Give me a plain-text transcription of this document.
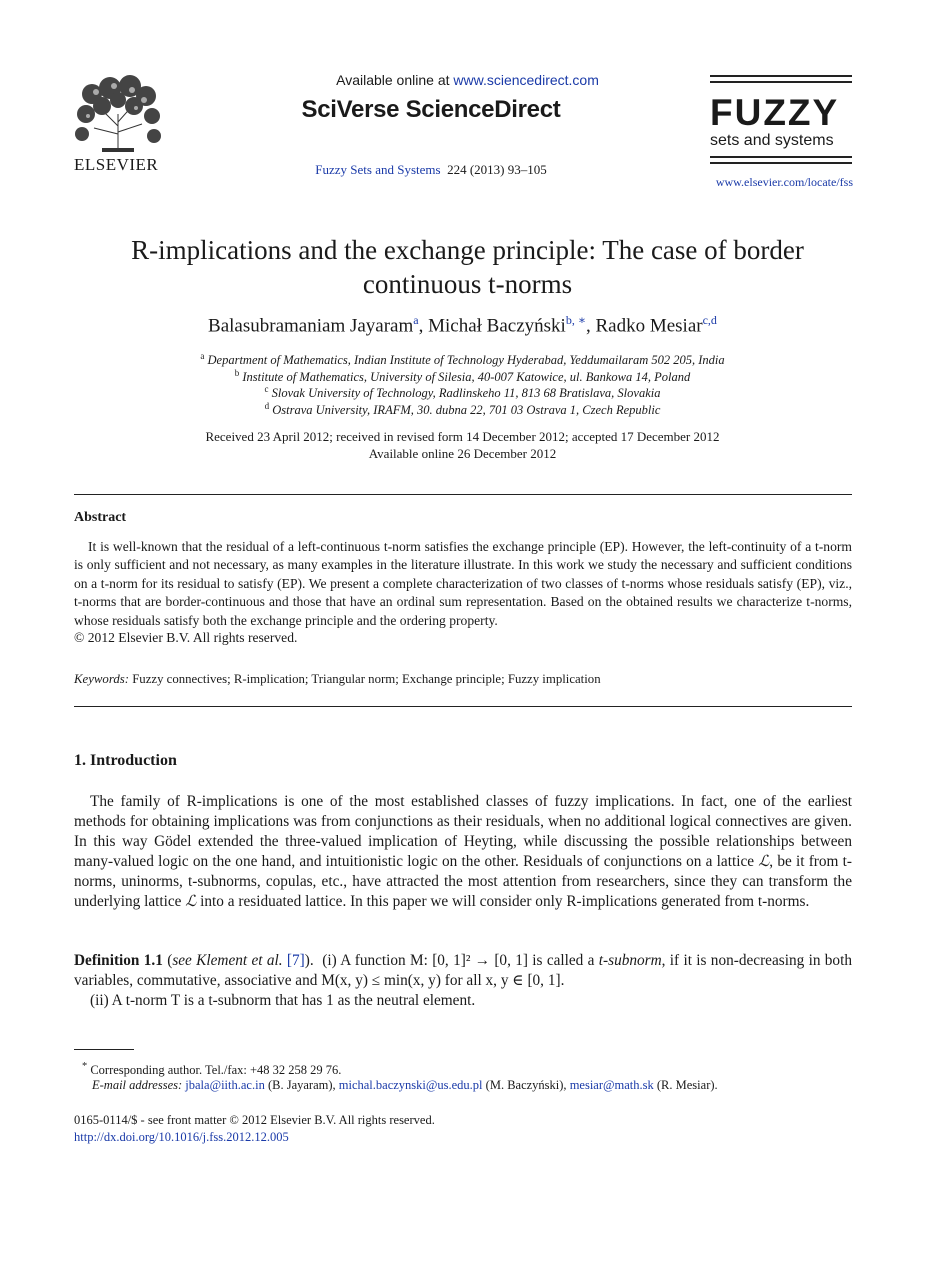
ELSEVIER
Available online at www.sciencedirect.com
SciVerse ScienceDirect
Fuzzy Sets and Systems 224 (2013) 93–105
FUZZY
sets and systems
www.elsevier.com/locate/fss
R-implications and the exchange principle: The case of border
continuous t-norms
Balasubramaniam Jayaram$^a$, Michał Baczyński$^{b, ∗}$, Radko Mesiar$^{c,d}$
$^a$ Department of Mathematics, Indian Institute of Technology Hyderabad, Yeddumailaram 502 205, India
$^b$ Institute of Mathematics, University of Silesia, 40-007 Katowice, ul. Bankowa 14, Poland
$^c$ Slovak University of Technology, Radlinskeho 11, 813 68 Bratislava, Slovakia
$^d$ Ostrava University, IRAFM, 30. dubna 22, 701 03 Ostrava 1, Czech Republic
Received 23 April 2012; received in revised form 14 December 2012; accepted 17 December 2012
Available online 26 December 2012
Abstract

It is well-known that the residual of a left-continuous t-norm satisfies the exchange principle (EP). However, the left-continuity of a t-norm is only sufficient and not necessary, as many examples in the literature illustrate. In this work we study the necessary and sufficient conditions on a t-norm for its residual to satisfy (EP). We present a complete characterization of two classes of t-norms whose residuals satisfy (EP), viz., t-norms that are border-continuous and those that have an ordinal sum representation. Based on the obtained results we characterize t-norms, whose residuals satisfy both the exchange principle and the ordering property.

© 2012 Elsevier B.V. All rights reserved.
Keywords: Fuzzy connectives; R-implication; Triangular norm; Exchange principle; Fuzzy implication
1. Introduction

The family of R-implications is one of the most established classes of fuzzy implications. In fact, one of the earliest methods for obtaining implications was from conjunctions as their residuals, when no additional logical connectives are given. In this way Gödel extended the three-valued implication of Heyting, while discussing the possible relationships between many-valued logic on the one hand, and intuitionistic logic on the other. Residuals of conjunctions on a lattice ℒ, be it from t-norms, uninorms, t-subnorms, copulas, etc., have attracted the most attention from researchers, since they can transform the underlying lattice ℒ into a residuated lattice. In this paper we will consider only R-implications generated from t-norms.

Definition 1.1 (see Klement et al. [7]).  (i) A function M: [0, 1]² → [0, 1] is called a t-subnorm, if it is non-decreasing in both variables, commutative, associative and M(x, y) ≤ min(x, y) for all x, y ∈ [0, 1].

(ii) A t-norm T is a t-subnorm that has 1 as the neutral element.

* Corresponding author. Tel./fax: +48 32 258 29 76.
E-mail addresses: jbala@iith.ac.in (B. Jayaram), michal.baczynski@us.edu.pl (M. Baczyński), mesiar@math.sk (R. Mesiar).
0165-0114/$ - see front matter © 2012 Elsevier B.V. All rights reserved.
http://dx.doi.org/10.1016/j.fss.2012.12.005
